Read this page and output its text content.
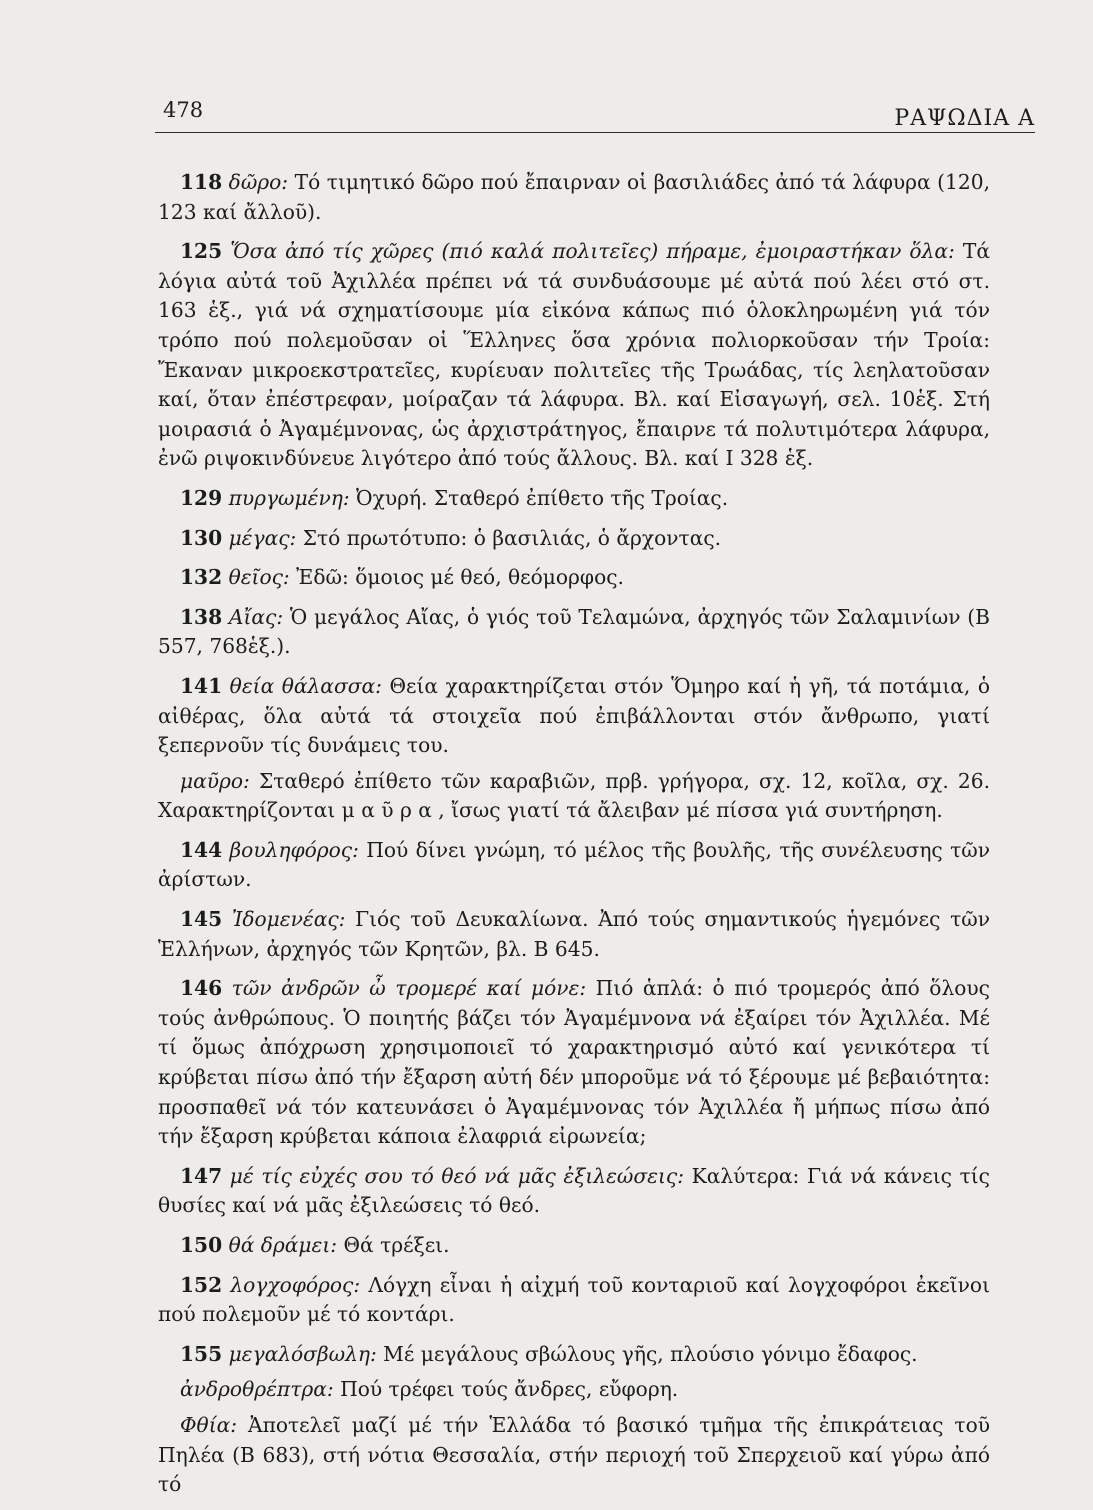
478	ΡΑΨΩΔΙΑ Α

118 δῶρο: Τό τιμητικό δῶρο πού ἔπαιρναν οἱ βασιλιάδες ἀπό τά λάφυρα (120, 123 καί ἄλλοῦ).

125 Ὅσα ἀπό τίς χῶρες (πιό καλά πολιτεῖες) πήραμε, ἐμοιραστήκαν ὅλα: Τά λόγια αὐτά τοῦ Ἀχιλλέα πρέπει νά τά συνδυάσουμε μέ αὐτά πού λέει στό στ. 163 ἑξ., γιά νά σχηματίσουμε μία εἰκόνα κάπως πιό ὁλοκληρωμένη γιά τόν τρόπο πού πολεμοῦσαν οἱ Ἕλληνες ὅσα χρόνια πολιορκοῦσαν τήν Τροία: Ἔκαναν μικροεκστρατεῖες, κυρίευαν πολιτεῖες τῆς Τρωάδας, τίς λεηλατοῦσαν καί, ὅταν ἐπέστρεφαν, μοίραζαν τά λάφυρα. Βλ. καί Εἰσαγωγή, σελ. 10ἑξ. Στή μοιρασιά ὁ Ἀγαμέμνονας, ὡς ἀρχιστράτηγος, ἔπαιρνε τά πολυτιμότερα λάφυρα, ἐνῶ ριψοκινδύνευε λιγότερο ἀπό τούς ἄλλους. Βλ. καί Ι 328 ἑξ.

129 πυργωμένη: Ὀχυρή. Σταθερό ἐπίθετο τῆς Τροίας.

130 μέγας: Στό πρωτότυπο: ὁ βασιλιάς, ὁ ἄρχοντας.

132 θεῖος: Ἐδῶ: ὅμοιος μέ θεό, θεόμορφος.

138 Αἴας: Ὁ μεγάλος Αἴας, ὁ γιός τοῦ Τελαμώνα, ἀρχηγός τῶν Σαλαμινίων (Β 557, 768ἑξ.).

141 θεία θάλασσα: Θεία χαρακτηρίζεται στόν Ὅμηρο καί ἡ γῆ, τά ποτάμια, ὁ αἰθέρας, ὅλα αὐτά τά στοιχεῖα πού ἐπιβάλλονται στόν ἄνθρωπο, γιατί ξεπερνοῦν τίς δυνάμεις του.

μαῦρο: Σταθερό ἐπίθετο τῶν καραβιῶν, πρβ. γρήγορα, σχ. 12, κοῖλα, σχ. 26. Χαρακτηρίζονται μ α ῦ ρ α , ἴσως γιατί τά ἄλειβαν μέ πίσσα γιά συντήρηση.

144 βουληφόρος: Πού δίνει γνώμη, τό μέλος τῆς βουλῆς, τῆς συνέλευσης τῶν ἀρίστων.

145 Ἰδομενέας: Γιός τοῦ Δευκαλίωνα. Ἀπό τούς σημαντικούς ἡγεμόνες τῶν Ἑλλήνων, ἀρχηγός τῶν Κρητῶν, βλ. Β 645.

146 τῶν ἀνδρῶν ὦ τρομερέ καί μόνε: Πιό ἁπλά: ὁ πιό τρομερός ἀπό ὅλους τούς ἀνθρώπους. Ὁ ποιητής βάζει τόν Ἀγαμέμνονα νά ἐξαίρει τόν Ἀχιλλέα. Μέ τί ὅμως ἀπόχρωση χρησιμοποιεῖ τό χαρακτηρισμό αὐτό καί γενικότερα τί κρύβεται πίσω ἀπό τήν ἔξαρση αὐτή δέν μποροῦμε νά τό ξέρουμε μέ βεβαιότητα: προσπαθεῖ νά τόν κατευνάσει ὁ Ἀγαμέμνονας τόν Ἀχιλλέα ἤ μήπως πίσω ἀπό τήν ἔξαρση κρύβεται κάποια ἐλαφριά εἰρωνεία;

147 μέ τίς εὐχές σου τό θεό νά μᾶς ἐξιλεώσεις: Καλύτερα: Γιά νά κάνεις τίς θυσίες καί νά μᾶς ἐξιλεώσεις τό θεό.

150 θά δράμει: Θά τρέξει.

152 λογχοφόρος: Λόγχη εἶναι ἡ αἰχμή τοῦ κονταριοῦ καί λογχοφόροι ἐκεῖνοι πού πολεμοῦν μέ τό κοντάρι.

155 μεγαλόσβωλη: Μέ μεγάλους σβώλους γῆς, πλούσιο γόνιμο ἔδαφος.

ἀνδροθρέπτρα: Πού τρέφει τούς ἄνδρες, εὔφορη.

Φθία: Ἀποτελεῖ μαζί μέ τήν Ἑλλάδα τό βασικό τμῆμα τῆς ἐπικράτειας τοῦ Πηλέα (Β 683), στή νότια Θεσσαλία, στήν περιοχή τοῦ Σπερχειοῦ καί γύρω ἀπό τό
